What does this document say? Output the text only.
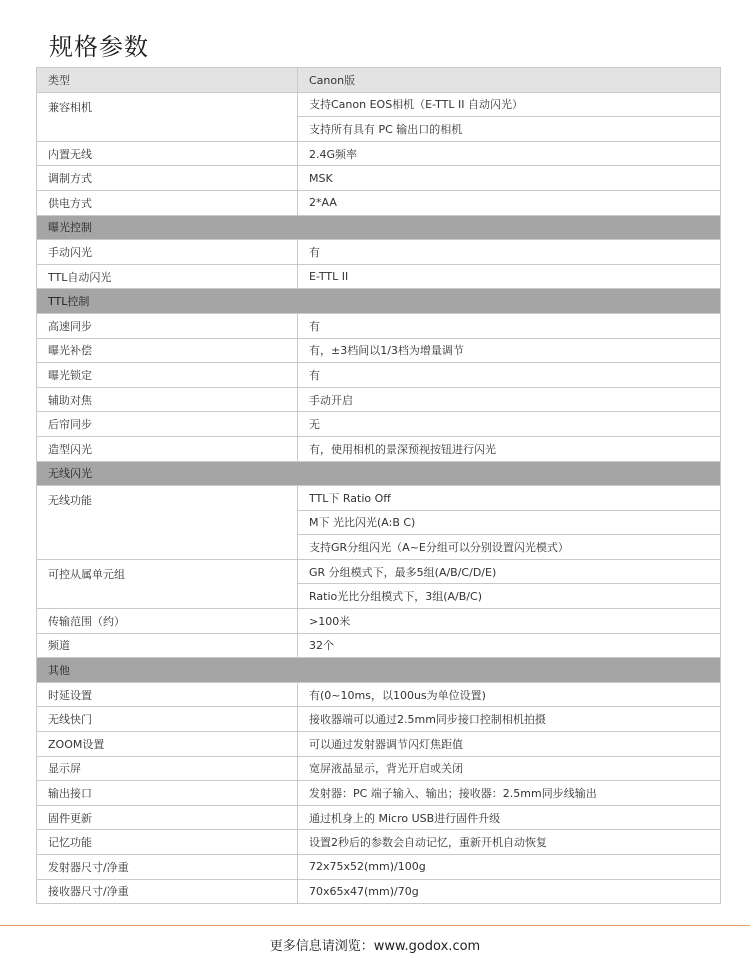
规格参数
类型	Canon版
兼容相机	支持Canon EOS相机（E-TTL II 自动闪光）
	支持所有具有 PC 输出口的相机
内置无线	2.4G频率
调制方式	MSK
供电方式	2*AA
曝光控制	
手动闪光	有
TTL自动闪光	E-TTL II
TTL控制	
高速同步	有
曝光补偿	有，±3档间以1/3档为增量调节
曝光锁定	有
辅助对焦	手动开启
后帘同步	无
造型闪光	有，使用相机的景深预视按钮进行闪光
无线闪光	
无线功能	TTL下 Ratio Off
	M下 光比闪光(A:B C)
	支持GR分组闪光（A~E分组可以分别设置闪光模式）
可控从属单元组	GR 分组模式下，最多5组(A/B/C/D/E)
	Ratio光比分组模式下，3组(A/B/C)
传输范围（约）	>100米
频道	32个
其他	
时延设置	有(0~10ms，以100us为单位设置)
无线快门	接收器端可以通过2.5mm同步接口控制相机拍摄
ZOOM设置	可以通过发射器调节闪灯焦距值
显示屏	宽屏液晶显示，背光开启或关闭
输出接口	发射器：PC 端子输入、输出；接收器：2.5mm同步线输出
固件更新	通过机身上的 Micro USB进行固件升级
记忆功能	设置2秒后的参数会自动记忆，重新开机自动恢复
发射器尺寸/净重	72x75x52(mm)/100g
接收器尺寸/净重	70x65x47(mm)/70g
更多信息请浏览：www.godox.com
